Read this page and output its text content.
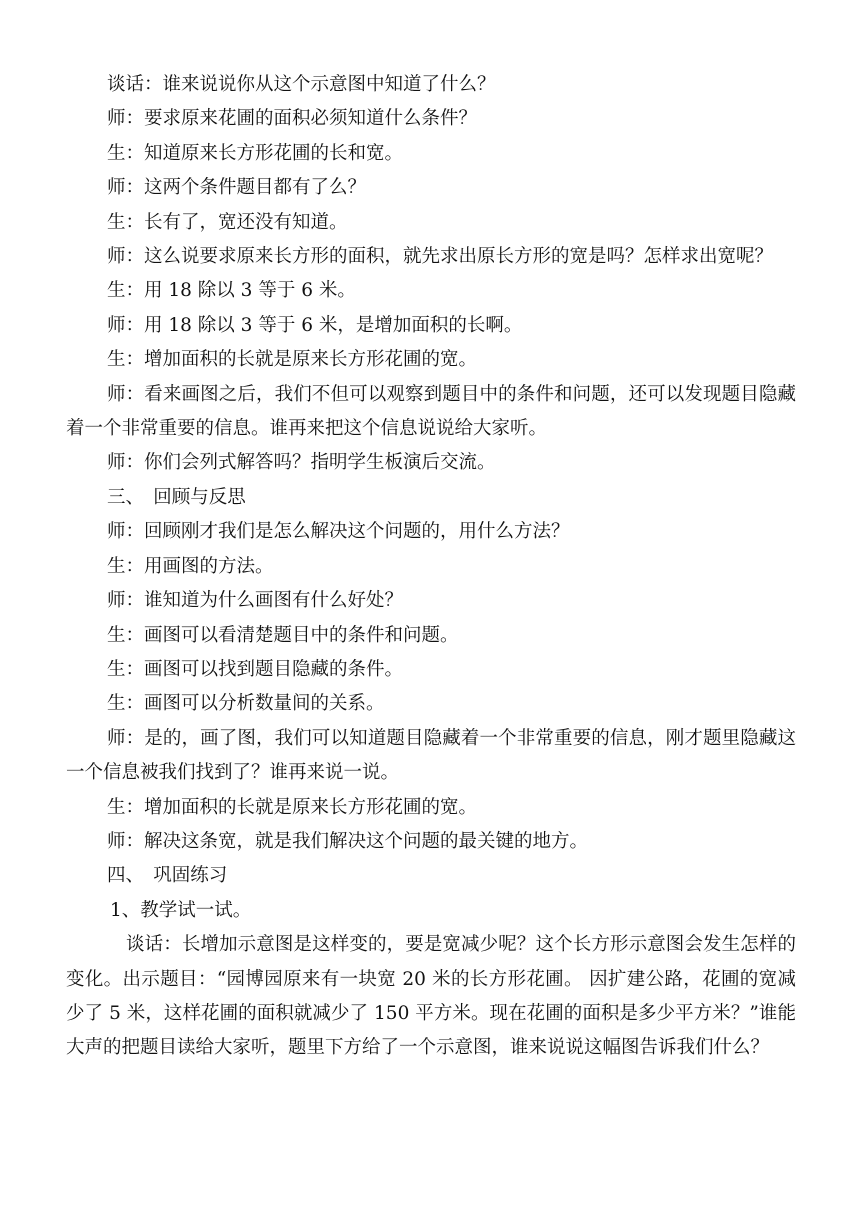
谈话：谁来说说你从这个示意图中知道了什么？

师：要求原来花圃的面积必须知道什么条件？

生：知道原来长方形花圃的长和宽。

师：这两个条件题目都有了么？

生：长有了，宽还没有知道。

师：这么说要求原来长方形的面积，就先求出原长方形的宽是吗？怎样求出宽呢？

生：用 18 除以 3 等于 6 米。

师：用 18 除以 3 等于 6 米，是增加面积的长啊。

生：增加面积的长就是原来长方形花圃的宽。

师：看来画图之后，我们不但可以观察到题目中的条件和问题，还可以发现题目隐藏着一个非常重要的信息。谁再来把这个信息说说给大家听。

师：你们会列式解答吗？指明学生板演后交流。

三、　回顾与反思

师：回顾刚才我们是怎么解决这个问题的，用什么方法？

生：用画图的方法。

师：谁知道为什么画图有什么好处？

生：画图可以看清楚题目中的条件和问题。

生：画图可以找到题目隐藏的条件。

生：画图可以分析数量间的关系。

师：是的，画了图，我们可以知道题目隐藏着一个非常重要的信息，刚才题里隐藏这一个信息被我们找到了？谁再来说一说。

生：增加面积的长就是原来长方形花圃的宽。

师：解决这条宽，就是我们解决这个问题的最关键的地方。

四、　巩固练习

1、教学试一试。

谈话：长增加示意图是这样变的，要是宽减少呢？这个长方形示意图会发生怎样的变化。出示题目：“园博园原来有一块宽 20 米的长方形花圃。 因扩建公路，花圃的宽减少了 5 米，这样花圃的面积就减少了 150 平方米。现在花圃的面积是多少平方米？”谁能大声的把题目读给大家听，题里下方给了一个示意图，谁来说说这幅图告诉我们什么？
